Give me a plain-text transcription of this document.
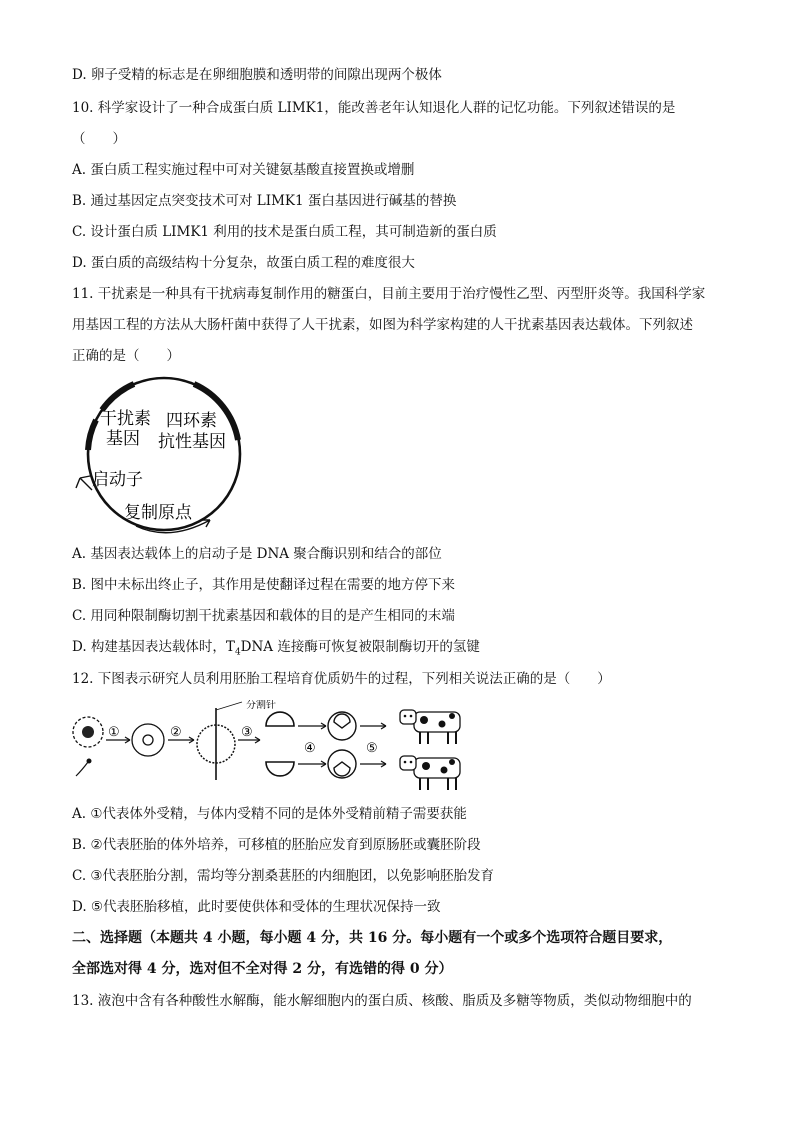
D. 卵子受精的标志是在卵细胞膜和透明带的间隙出现两个极体
10. 科学家设计了一种合成蛋白质 LIMK1，能改善老年认知退化人群的记忆功能。下列叙述错误的是
（　　）
A. 蛋白质工程实施过程中可对关键氨基酸直接置换或增删
B. 通过基因定点突变技术可对 LIMK1 蛋白基因进行碱基的替换
C. 设计蛋白质 LIMK1 利用的技术是蛋白质工程，其可制造新的蛋白质
D. 蛋白质的高级结构十分复杂，故蛋白质工程的难度很大
11. 干扰素是一种具有干扰病毒复制作用的糖蛋白，目前主要用于治疗慢性乙型、丙型肝炎等。我国科学家
用基因工程的方法从大肠杆菌中获得了人干扰素，如图为科学家构建的人干扰素基因表达载体。下列叙述
正确的是（　　）
干扰素
基因
四环素
抗性基因
启动子
复制原点
A. 基因表达载体上的启动子是 DNA 聚合酶识别和结合的部位
B. 图中未标出终止子，其作用是使翻译过程在需要的地方停下来
C. 用同种限制酶切割干扰素基因和载体的目的是产生相同的末端
D. 构建基因表达载体时，$T_4DNA$ 连接酶可恢复被限制酶切开的氢键
12. 下图表示研究人员利用胚胎工程培育优质奶牛的过程，下列相关说法正确的是（　　）
①	②
分割针
③
④	⑤
A. ①代表体外受精，与体内受精不同的是体外受精前精子需要获能
B. ②代表胚胎的体外培养，可移植的胚胎应发育到原肠胚或囊胚阶段
C. ③代表胚胎分割，需均等分割桑葚胚的内细胞团，以免影响胚胎发育
D. ⑤代表胚胎移植，此时要使供体和受体的生理状况保持一致
二、选择题（本题共 4 小题，每小题 4 分，共 16 分。每小题有一个或多个选项符合题目要求，
全部选对得 4 分，选对但不全对得 2 分，有选错的得 0 分）
13. 液泡中含有各种酸性水解酶，能水解细胞内的蛋白质、核酸、脂质及多糖等物质，类似动物细胞中的
